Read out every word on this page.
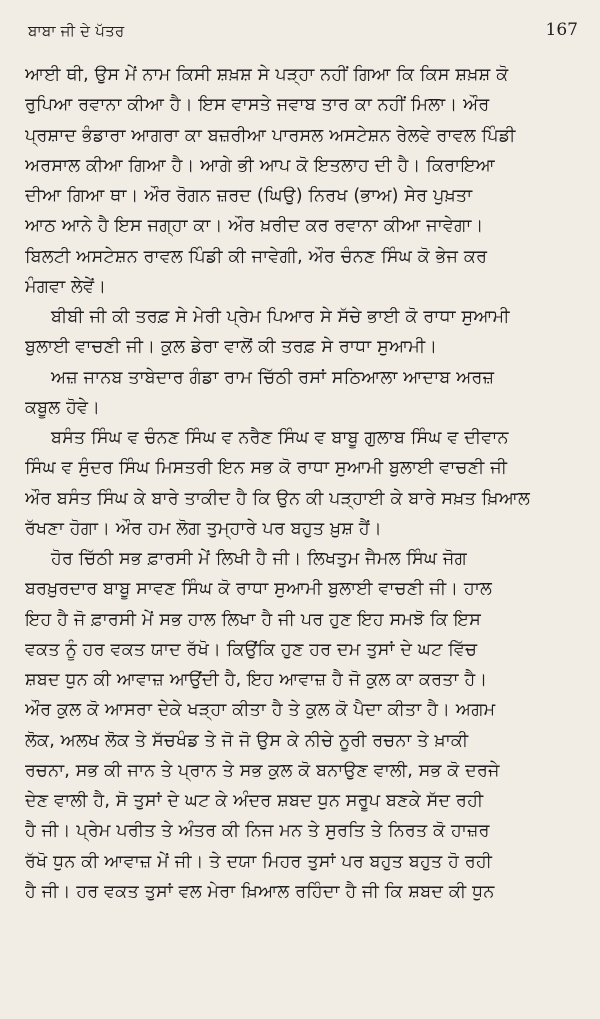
ਬਾਬਾ ਜੀ ਦੇ ਪੱਤਰ	167
ਆਈ ਥੀ, ਉਸ ਮੇਂ ਨਾਮ ਕਿਸੀ ਸ਼ਖ਼ਸ਼ ਸੇ ਪੜ੍ਹਾ ਨਹੀਂ ਗਿਆ ਕਿ ਕਿਸ ਸ਼ਖ਼ਸ਼ ਕੋ
ਰੁਪਿਆ ਰਵਾਨਾ ਕੀਆ ਹੈ। ਇਸ ਵਾਸਤੇ ਜਵਾਬ ਤਾਰ ਕਾ ਨਹੀਂ ਮਿਲਾ। ਔਰ
ਪ੍ਰਸ਼ਾਦ ਭੰਡਾਰਾ ਆਗਰਾ ਕਾ ਬਜ਼ਰੀਆ ਪਾਰਸਲ ਅਸਟੇਸ਼ਨ ਰੇਲਵੇ ਰਾਵਲ ਪਿੰਡੀ
ਅਰਸਾਲ ਕੀਆ ਗਿਆ ਹੈ। ਆਗੇ ਭੀ ਆਪ ਕੋ ਇਤਲਾਹ ਦੀ ਹੈ। ਕਿਰਾਇਆ
ਦੀਆ ਗਿਆ ਥਾ। ਔਰ ਰੋਗਨ ਜ਼ਰਦ (ਘਿਉ) ਨਿਰਖ (ਭਾਅ) ਸੇਰ ਪੁਖ਼ਤਾ
ਆਠ ਆਨੇ ਹੈ ਇਸ ਜਗ੍ਹਾ ਕਾ। ਔਰ ਖ਼ਰੀਦ ਕਰ ਰਵਾਨਾ ਕੀਆ ਜਾਵੇਗਾ।
ਬਿਲਟੀ ਅਸਟੇਸ਼ਨ ਰਾਵਲ ਪਿੰਡੀ ਕੀ ਜਾਵੇਗੀ, ਔਰ ਚੰਨਣ ਸਿੰਘ ਕੋ ਭੇਜ ਕਰ
ਮੰਗਵਾ ਲੇਵੇਂ।
ਬੀਬੀ ਜੀ ਕੀ ਤਰਫ਼ ਸੇ ਮੇਰੀ ਪ੍ਰੇਮ ਪਿਆਰ ਸੇ ਸੱਚੇ ਭਾਈ ਕੋ ਰਾਧਾ ਸੁਆਮੀ
ਬੁਲਾਈ ਵਾਚਣੀ ਜੀ। ਕੁਲ ਡੇਰਾ ਵਾਲੋਂ ਕੀ ਤਰਫ਼ ਸੇ ਰਾਧਾ ਸੁਆਮੀ।
ਅਜ਼ ਜਾਨਬ ਤਾਬੇਦਾਰ ਗੰਡਾ ਰਾਮ ਚਿੱਠੀ ਰਸਾਂ ਸਠਿਆਲਾ ਆਦਾਬ ਅਰਜ਼
ਕਬੂਲ ਹੋਵੇ।
ਬਸੰਤ ਸਿੰਘ ਵ ਚੰਨਣ ਸਿੰਘ ਵ ਨਰੈਣ ਸਿੰਘ ਵ ਬਾਬੂ ਗੁਲਾਬ ਸਿੰਘ ਵ ਦੀਵਾਨ
ਸਿੰਘ ਵ ਸੁੰਦਰ ਸਿੰਘ ਮਿਸਤਰੀ ਇਨ ਸਭ ਕੋ ਰਾਧਾ ਸੁਆਮੀ ਬੁਲਾਈ ਵਾਚਣੀ ਜੀ
ਔਰ ਬਸੰਤ ਸਿੰਘ ਕੇ ਬਾਰੇ ਤਾਕੀਦ ਹੈ ਕਿ ਉਨ ਕੀ ਪੜ੍ਹਾਈ ਕੇ ਬਾਰੇ ਸਖ਼ਤ ਖ਼ਿਆਲ
ਰੱਖਣਾ ਹੋਗਾ। ਔਰ ਹਮ ਲੋਗ ਤੁਮ੍ਹਾਰੇ ਪਰ ਬਹੁਤ ਖ਼ੁਸ਼ ਹੈਂ।
ਹੋਰ ਚਿੱਠੀ ਸਭ ਫ਼ਾਰਸੀ ਮੇਂ ਲਿਖੀ ਹੈ ਜੀ। ਲਿਖਤੁਮ ਜੈਮਲ ਸਿੰਘ ਜੋਗ
ਬਰਖ਼ੁਰਦਾਰ ਬਾਬੂ ਸਾਵਣ ਸਿੰਘ ਕੋ ਰਾਧਾ ਸੁਆਮੀ ਬੁਲਾਈ ਵਾਚਣੀ ਜੀ। ਹਾਲ
ਇਹ ਹੈ ਜੋ ਫ਼ਾਰਸੀ ਮੇਂ ਸਭ ਹਾਲ ਲਿਖਾ ਹੈ ਜੀ ਪਰ ਹੁਣ ਇਹ ਸਮਝੋ ਕਿ ਇਸ
ਵਕਤ ਨੂੰ ਹਰ ਵਕਤ ਯਾਦ ਰੱਖੋ। ਕਿਉਂਕਿ ਹੁਣ ਹਰ ਦਮ ਤੁਸਾਂ ਦੇ ਘਟ ਵਿੱਚ
ਸ਼ਬਦ ਧੁਨ ਕੀ ਆਵਾਜ਼ ਆਉਂਦੀ ਹੈ, ਇਹ ਆਵਾਜ਼ ਹੈ ਜੋ ਕੁਲ ਕਾ ਕਰਤਾ ਹੈ।
ਔਰ ਕੁਲ ਕੋ ਆਸਰਾ ਦੇਕੇ ਖੜ੍ਹਾ ਕੀਤਾ ਹੈ ਤੇ ਕੁਲ ਕੋ ਪੈਦਾ ਕੀਤਾ ਹੈ। ਅਗਮ
ਲੋਕ, ਅਲਖ ਲੋਕ ਤੇ ਸੱਚਖੰਡ ਤੇ ਜੋ ਜੋ ਉਸ ਕੇ ਨੀਚੇ ਨੂਰੀ ਰਚਨਾ ਤੇ ਖ਼ਾਕੀ
ਰਚਨਾ, ਸਭ ਕੀ ਜਾਨ ਤੇ ਪ੍ਰਾਨ ਤੇ ਸਭ ਕੁਲ ਕੋ ਬਨਾਉਣ ਵਾਲੀ, ਸਭ ਕੋ ਦਰਜੇ
ਦੇਣ ਵਾਲੀ ਹੈ, ਸੋ ਤੁਸਾਂ ਦੇ ਘਟ ਕੇ ਅੰਦਰ ਸ਼ਬਦ ਧੁਨ ਸਰੂਪ ਬਣਕੇ ਸੱਦ ਰਹੀ
ਹੈ ਜੀ। ਪ੍ਰੇਮ ਪਰੀਤ ਤੇ ਅੰਤਰ ਕੀ ਨਿਜ ਮਨ ਤੇ ਸੁਰਤਿ ਤੇ ਨਿਰਤ ਕੋ ਹਾਜ਼ਰ
ਰੱਖੋ ਧੁਨ ਕੀ ਆਵਾਜ਼ ਮੇਂ ਜੀ। ਤੇ ਦਯਾ ਮਿਹਰ ਤੁਸਾਂ ਪਰ ਬਹੁਤ ਬਹੁਤ ਹੋ ਰਹੀ
ਹੈ ਜੀ। ਹਰ ਵਕਤ ਤੁਸਾਂ ਵਲ ਮੇਰਾ ਖ਼ਿਆਲ ਰਹਿੰਦਾ ਹੈ ਜੀ ਕਿ ਸ਼ਬਦ ਕੀ ਧੁਨ
